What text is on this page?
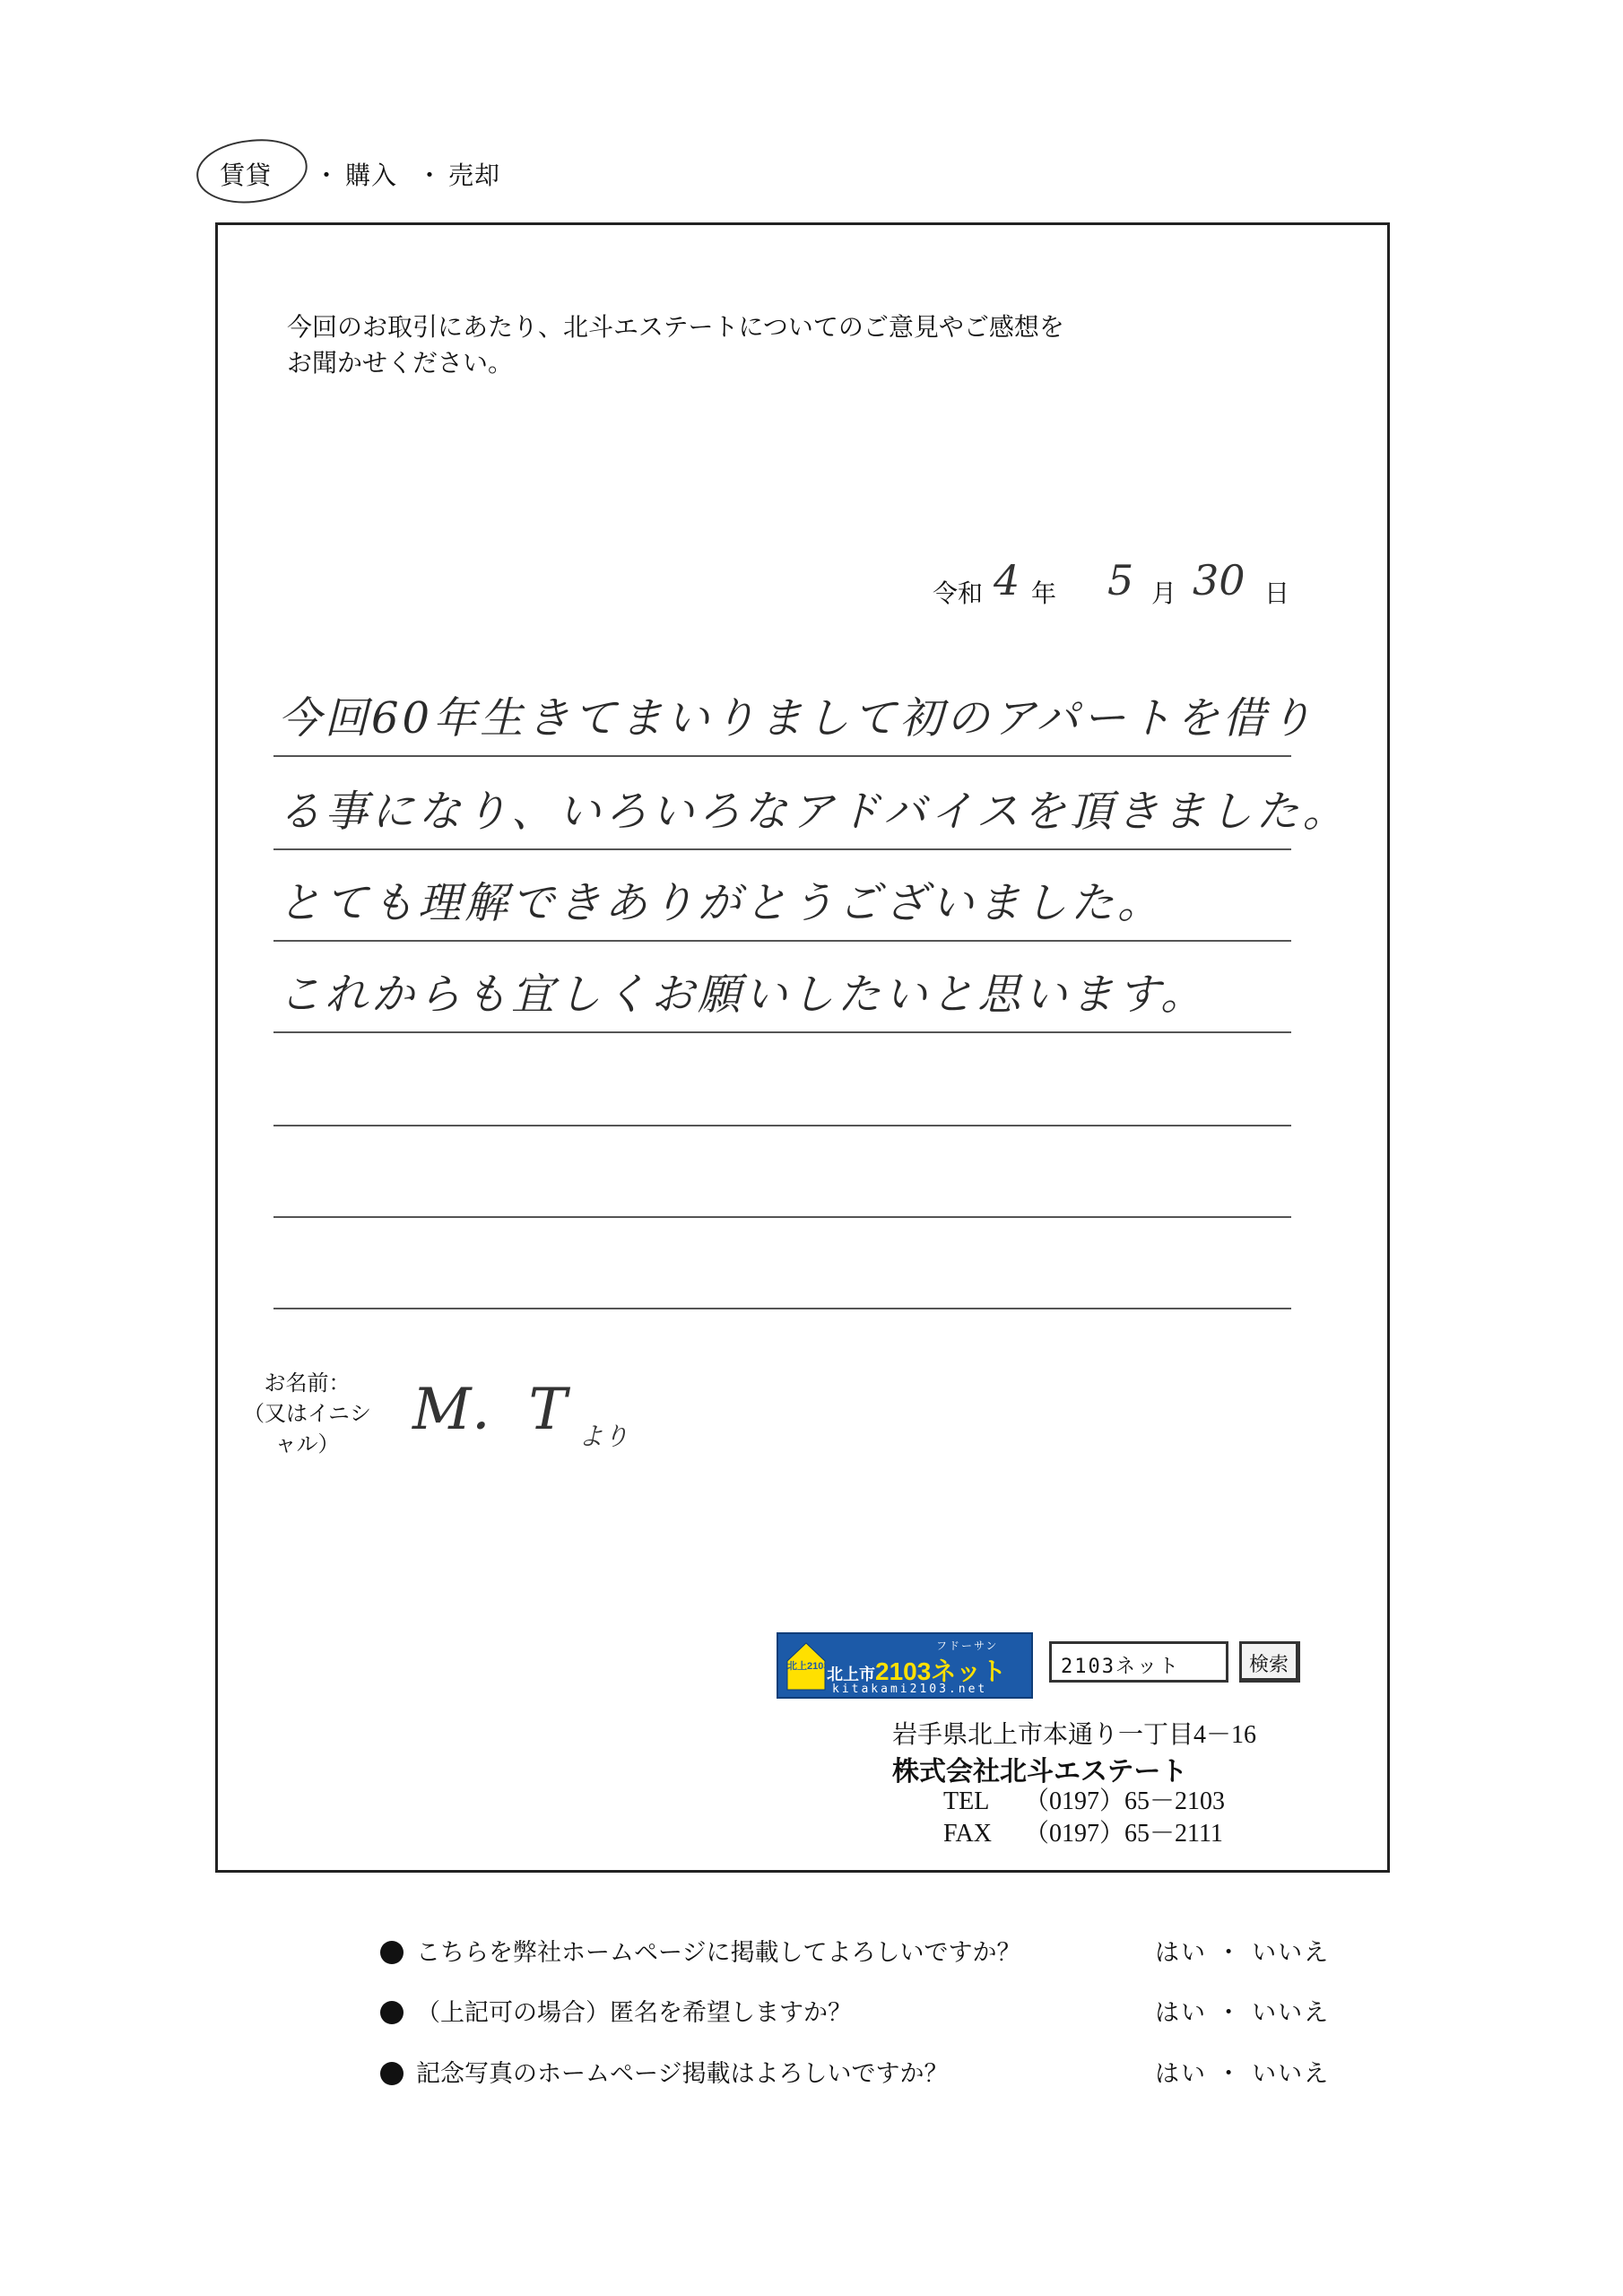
賃貸 ・ 購入 ・ 売却
今回のお取引にあたり、北斗エステートについてのご意見やご感想を
お聞かせください。
令和 4 年 5 月 30 日
今回60年生きてまいりまして初のアパートを借り
る事になり、いろいろなアドバイスを頂きました。
とても理解できありがとうございました。
これからも宜しくお願いしたいと思います。
お名前：
（又はイニシャル）
M．T より
北上2103
フドーサン
北上市2103ネット
kitakami2103.net
2103ネット	検索
岩手県北上市本通り一丁目4－16
株式会社北斗エステート
TEL （0197）65－2103
FAX （0197）65－2111
こちらを弊社ホームページに掲載してよろしいですか？	はい ・ いいえ
（上記可の場合）匿名を希望しますか？	はい ・ いいえ
記念写真のホームページ掲載はよろしいですか？	はい ・ いいえ
